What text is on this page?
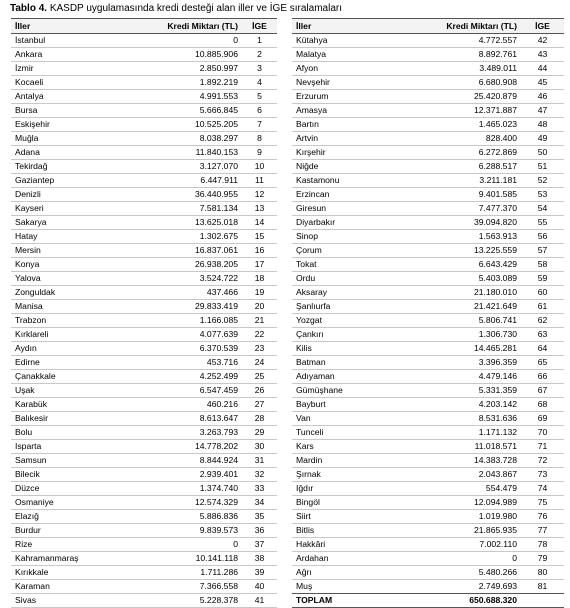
Tablo 4. KASDP uygulamasında kredi desteği alan iller ve İGE sıralamaları
İller	Kredi Miktarı (TL)	İGE
İstanbul	0	1
Ankara	10.885.906	2
İzmir	2.850.997	3
Kocaeli	1.892.219	4
Antalya	4.991.553	5
Bursa	5.666.845	6
Eskişehir	10.525.205	7
Muğla	8.038.297	8
Adana	11.840.153	9
Tekirdağ	3.127.070	10
Gaziantep	6.447.911	11
Denizli	36.440.955	12
Kayseri	7.581.134	13
Sakarya	13.625.018	14
Hatay	1.302.675	15
Mersin	16.837.061	16
Konya	26.938.205	17
Yalova	3.524.722	18
Zonguldak	437.466	19
Manisa	29.833.419	20
Trabzon	1.166.085	21
Kırklareli	4.077.639	22
Aydın	6.370.539	23
Edirne	453.716	24
Çanakkale	4.252.499	25
Uşak	6.547.459	26
Karabük	460.216	27
Balıkesir	8.613.647	28
Bolu	3.263.793	29
Isparta	14.778.202	30
Samsun	8.844.924	31
Bilecik	2.939.401	32
Düzce	1.374.740	33
Osmaniye	12.574.329	34
Elazığ	5.886.836	35
Burdur	9.839.573	36
Rize	0	37
Kahramanmaraş	10.141.118	38
Kırıkkale	1.711.286	39
Karaman	7.366.558	40
Sivas	5.228.378	41
İller	Kredi Miktarı (TL)	İGE
Kütahya	4.772.557	42
Malatya	8.892.761	43
Afyon	3.489.011	44
Nevşehir	6.680.908	45
Erzurum	25.420.879	46
Amasya	12.371.887	47
Bartın	1.465.023	48
Artvin	828.400	49
Kırşehir	6.272.869	50
Niğde	6.288.517	51
Kastamonu	3.211.181	52
Erzincan	9.401.585	53
Giresun	7.477.370	54
Diyarbakır	39.094.820	55
Sinop	1.563.913	56
Çorum	13.225.559	57
Tokat	6.643.429	58
Ordu	5.403.089	59
Aksaray	21.180.010	60
Şanlıurfa	21.421.649	61
Yozgat	5.806.741	62
Çankırı	1.306.730	63
Kilis	14.465.281	64
Batman	3.396.359	65
Adıyaman	4.479.146	66
Gümüşhane	5.331.359	67
Bayburt	4.203.142	68
Van	8.531.636	69
Tunceli	1.171.132	70
Kars	11.018.571	71
Mardin	14.383.728	72
Şırnak	2.043.867	73
Iğdır	554.479	74
Bingöl	12.094.989	75
Siirt	1.019.980	76
Bitlis	21.865.935	77
Hakkâri	7.002.110	78
Ardahan	0	79
Ağrı	5.480.266	80
Muş	2.749.693	81
TOPLAM	650.688.320	
